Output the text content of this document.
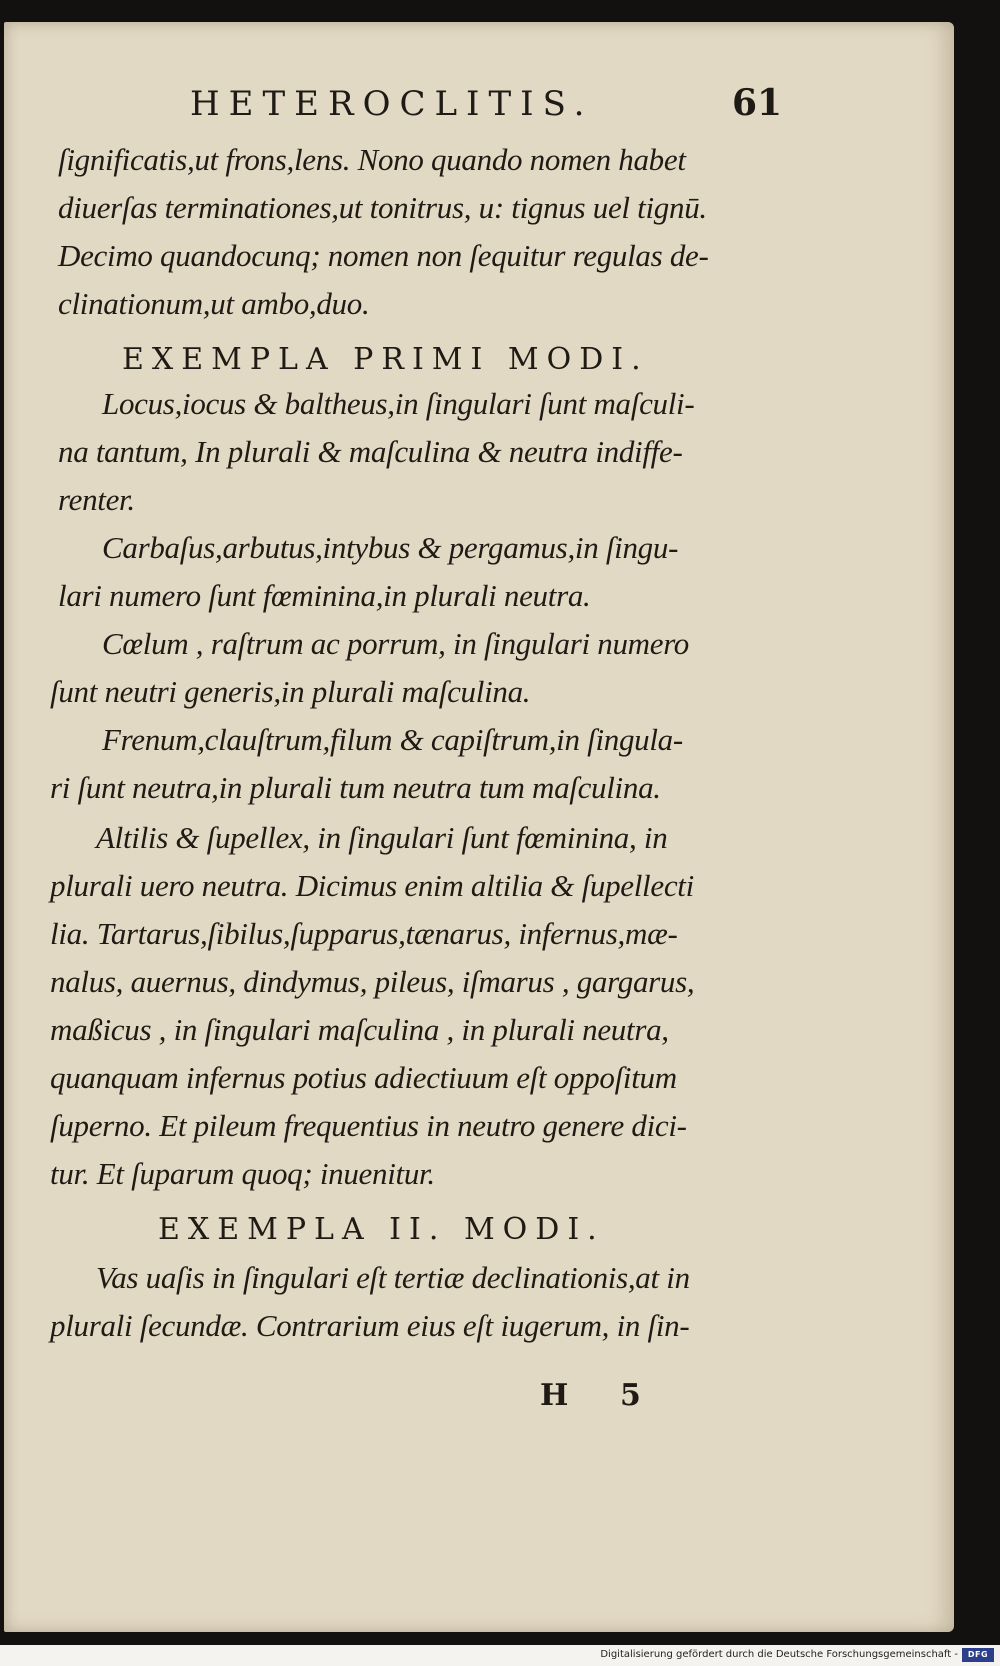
HETEROCLITIS.	61
ſignificatis,ut frons,lens. Nono quando nomen habet
diuerſas terminationes,ut tonitrus, u: tignus uel tignū.
Decimo quandocunq; nomen non ſequitur regulas de-
clinationum,ut ambo,duo.
EXEMPLA PRIMI MODI.
Locus,iocus & baltheus,in ſingulari ſunt maſculi-
na tantum, In plurali & maſculina & neutra indiffe-
renter.
Carbaſus,arbutus,intybus & pergamus,in ſingu-
lari numero ſunt fœminina,in plurali neutra.
Cœlum , raſtrum ac porrum, in ſingulari numero
ſunt neutri generis,in plurali maſculina.
Frenum,clauſtrum,filum & capiſtrum,in ſingula-
ri ſunt neutra,in plurali tum neutra tum maſculina.
Altilis & ſupellex, in ſingulari ſunt fœminina, in
plurali uero neutra. Dicimus enim altilia & ſupellecti
lia. Tartarus,ſibilus,ſupparus,tænarus, infernus,mæ-
nalus, auernus, dindymus, pileus, iſmarus , gargarus,
maßicus , in ſingulari maſculina , in plurali neutra,
quanquam infernus potius adiectiuum eſt oppoſitum
ſuperno. Et pileum frequentius in neutro genere dici-
tur. Et ſuparum quoq; inuenitur.
EXEMPLA II. MODI.
Vas uaſis in ſingulari eſt tertiæ declinationis,at in
plurali ſecundæ. Contrarium eius eſt iugerum, in ſin-
H 5
Digitalisierung gefördert durch die Deutsche Forschungsgemeinschaft -	DFG
